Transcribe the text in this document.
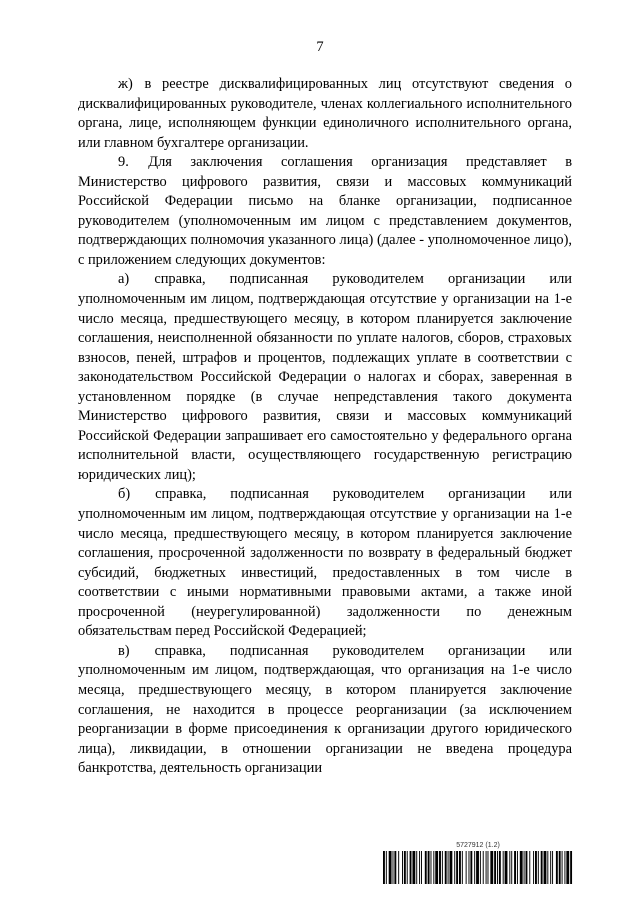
7

ж) в реестре дисквалифицированных лиц отсутствуют сведения о дисквалифицированных руководителе, членах коллегиального исполнительного органа, лице, исполняющем функции единоличного исполнительного органа, или главном бухгалтере организации.

9. Для заключения соглашения организация представляет в Министерство цифрового развития, связи и массовых коммуникаций Российской Федерации письмо на бланке организации, подписанное руководителем (уполномоченным им лицом с представлением документов, подтверждающих полномочия указанного лица) (далее - уполномоченное лицо), с приложением следующих документов:

а) справка, подписанная руководителем организации или уполномоченным им лицом, подтверждающая отсутствие у организации на 1-е число месяца, предшествующего месяцу, в котором планируется заключение соглашения, неисполненной обязанности по уплате налогов, сборов, страховых взносов, пеней, штрафов и процентов, подлежащих уплате в соответствии с законодательством Российской Федерации о налогах и сборах, заверенная в установленном порядке (в случае непредставления такого документа Министерство цифрового развития, связи и массовых коммуникаций Российской Федерации запрашивает его самостоятельно у федерального органа исполнительной власти, осуществляющего государственную регистрацию юридических лиц);

б) справка, подписанная руководителем организации или уполномоченным им лицом, подтверждающая отсутствие у организации на 1-е число месяца, предшествующего месяцу, в котором планируется заключение соглашения, просроченной задолженности по возврату в федеральный бюджет субсидий, бюджетных инвестиций, предоставленных в том числе в соответствии с иными нормативными правовыми актами, а также иной просроченной (неурегулированной) задолженности по денежным обязательствам перед Российской Федерацией;

в) справка, подписанная руководителем организации или уполномоченным им лицом, подтверждающая, что организация на 1-е число месяца, предшествующего месяцу, в котором планируется заключение соглашения, не находится в процессе реорганизации (за исключением реорганизации в форме присоединения к организации другого юридического лица), ликвидации, в отношении организации не введена процедура банкротства, деятельность организации

5727912 (1.2)
